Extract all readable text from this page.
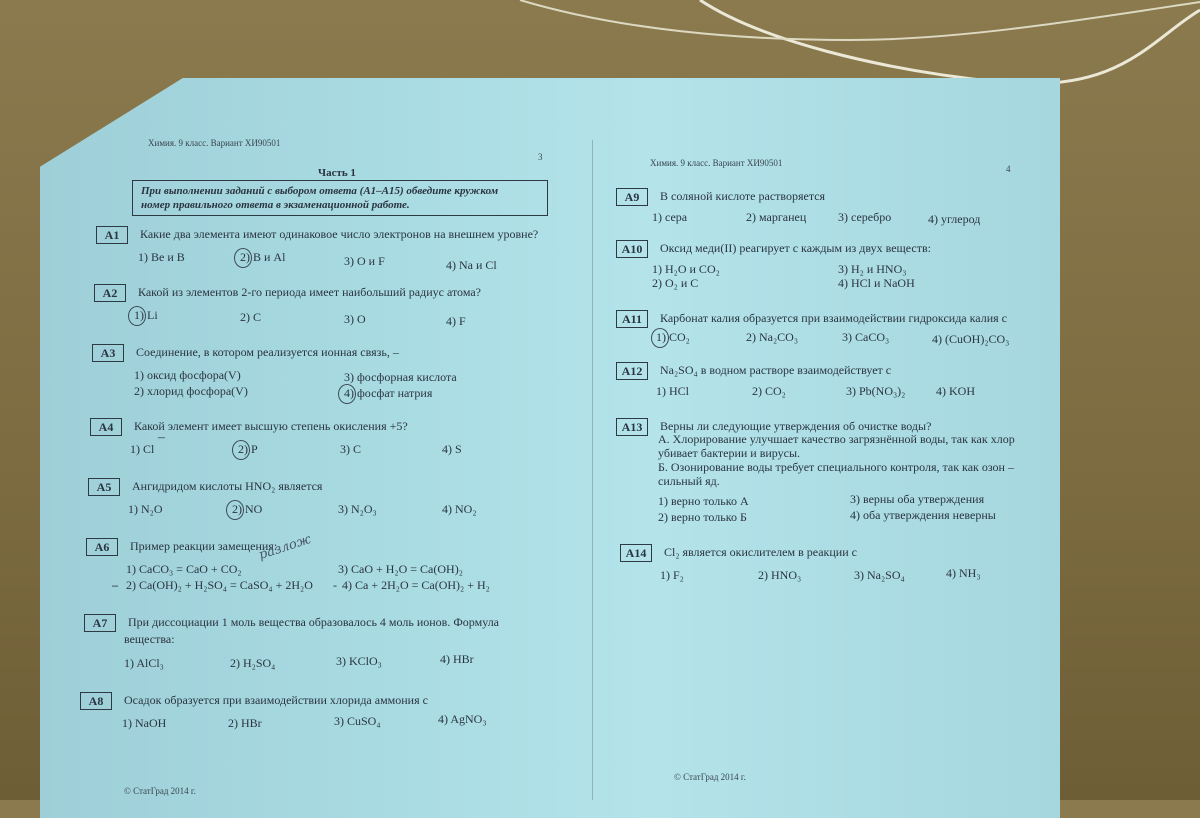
Химия. 9 класс. Вариант ХИ90501
3
Часть 1
При выполнении заданий с выбором ответа (А1–А15) обведите кружком
номер правильного ответа в экзаменационной работе.
A1	Какие два элемента имеют одинаковое число электронов на внешнем уровне?
1) Be и B	2) B и Al	3) O и F	4) Na и Cl
A2	Какой из элементов 2-го периода имеет наибольший радиус атома?
1) Li	2) C	3) O	4) F
A3	Соединение, в котором реализуется ионная связь, –
1) оксид фосфора(V)
2) хлорид фосфора(V)
3) фосфорная кислота
4) фосфат натрия
A4	Какой элемент имеет высшую степень окисления +5?
1) Cl
–
2) P	3) C	4) S
A5	Ангидридом кислоты HNO₂ является
1) N₂O	2) NO	3) N₂O₃	4) NO₂
A6	Пример реакции замещения:
разлож
1) CaCO₃ = CaO + CO₂
– 2) Ca(OH)₂ + H₂SO₄ = CaSO₄ + 2H₂O
3) CaO + H₂O = Ca(OH)₂
- 4) Ca + 2H₂O = Ca(OH)₂ + H₂
A7	При диссоциации 1 моль вещества образовалось 4 моль ионов. Формула
вещества:
1) AlCl₃	2) H₂SO₄	3) KClO₃	4) HBr
A8	Осадок образуется при взаимодействии хлорида аммония с
1) NaOH	2) HBr	3) CuSO₄	4) AgNO₃
© СтатГрад 2014 г.
Химия. 9 класс. Вариант ХИ90501
4
A9	В соляной кислоте растворяется
1) сера	2) марганец	3) серебро	4) углерод
A10	Оксид меди(II) реагирует с каждым из двух веществ:
1) H₂O и CO₂
2) O₂ и C
3) H₂ и HNO₃
4) HCl и NaOH
A11	Карбонат калия образуется при взаимодействии гидроксида калия с
1) CO₂	2) Na₂CO₃	3) CaCO₃	4) (CuOH)₂CO₃
A12	Na₂SO₄ в водном растворе взаимодействует с
1) HCl	2) CO₂	3) Pb(NO₃)₂	4) KOH
A13	Верны ли следующие утверждения об очистке воды?
А. Хлорирование улучшает качество загрязнённой воды, так как хлор
убивает бактерии и вирусы.
Б. Озонирование воды требует специального контроля, так как озон –
сильный яд.
1) верно только А
2) верно только Б
3) верны оба утверждения
4) оба утверждения неверны
A14	Cl₂ является окислителем в реакции с
1) F₂	2) HNO₃	3) Na₂SO₄	4) NH₃
© СтатГрад 2014 г.
